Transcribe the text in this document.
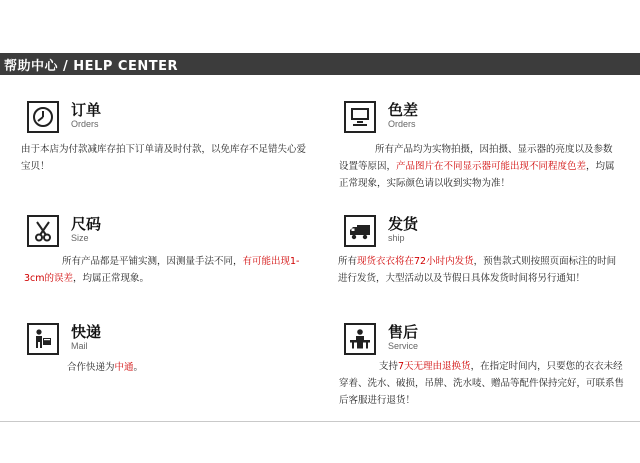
帮助中心 / HELP CENTER
订单
Orders
由于本店为付款减库存拍下订单请及时付款，以免库存不足错失心爱宝贝！
色差
Orders
所有产品均为实物拍摄，因拍摄、显示器的亮度以及参数设置等原因，产品图片在不同显示器可能出现不同程度色差，均属正常现象，实际颜色请以收到实物为准！
尺码
Size
所有产品都是平铺实测，因测量手法不同，有可能出现1-3cm的误差，均属正常现象。
发货
ship
所有现货衣衣将在72小时内发货，预售款式则按照页面标注的时间进行发货，大型活动以及节假日具体发货时间将另行通知！
快递
Mail
合作快递为中通。
售后
Service
支持7天无理由退换货，在指定时间内，只要您的衣衣未经穿着、洗水、破损，吊牌、洗水唛、赠品等配件保持完好，可联系售后客服进行退货！
